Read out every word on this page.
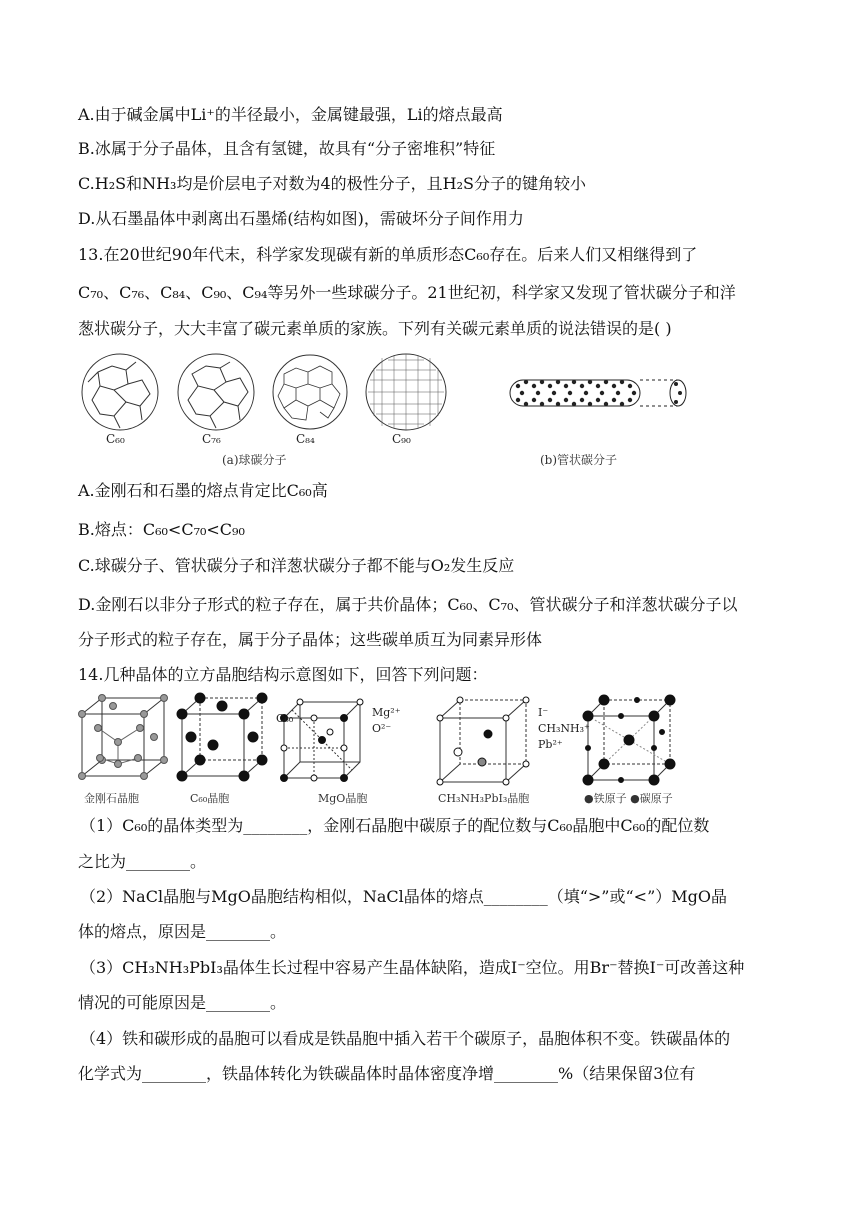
A.由于碱金属中Li⁺的半径最小，金属键最强，Li的熔点最高
B.冰属于分子晶体，且含有氢键，故具有“分子密堆积”特征
C.H₂S和NH₃均是价层电子对数为4的极性分子，且H₂S分子的键角较小
D.从石墨晶体中剥离出石墨烯(结构如图)，需破坏分子间作用力
13.在20世纪90年代末，科学家发现碳有新的单质形态C₆₀存在。后来人们又相继得到了
C₇₀、C₇₆、C₈₄、C₉₀、C₉₄等另外一些球碳分子。21世纪初，科学家又发现了管状碳分子和洋
葱状碳分子，大大丰富了碳元素单质的家族。下列有关碳元素单质的说法错误的是( )
C₆₀	C₇₆	C₈₄	C₉₀
(a)球碳分子	(b)管状碳分子
A.金刚石和石墨的熔点肯定比C₆₀高
B.熔点：C₆₀<C₇₀<C₉₀
C.球碳分子、管状碳分子和洋葱状碳分子都不能与O₂发生反应
D.金刚石以非分子形式的粒子存在，属于共价晶体；C₆₀、C₇₀、管状碳分子和洋葱状碳分子以
分子形式的粒子存在，属于分子晶体；这些碳单质互为同素异形体
14.几种晶体的立方晶胞结构示意图如下，回答下列问题：
C₆₀	Mg²⁺
O²⁻
I⁻
CH₃NH₃⁺
Pb²⁺
金刚石晶胞	C₆₀晶胞	MgO晶胞	CH₃NH₃PbI₃晶胞	●铁原子 ●碳原子
（1）C₆₀的晶体类型为________，金刚石晶胞中碳原子的配位数与C₆₀晶胞中C₆₀的配位数
之比为________。
（2）NaCl晶胞与MgO晶胞结构相似，NaCl晶体的熔点________（填“>”或“<”）MgO晶
体的熔点，原因是________。
（3）CH₃NH₃PbI₃晶体生长过程中容易产生晶体缺陷，造成I⁻空位。用Br⁻替换I⁻可改善这种
情况的可能原因是________。
（4）铁和碳形成的晶胞可以看成是铁晶胞中插入若干个碳原子，晶胞体积不变。铁碳晶体的
化学式为________，铁晶体转化为铁碳晶体时晶体密度净增________%（结果保留3位有
